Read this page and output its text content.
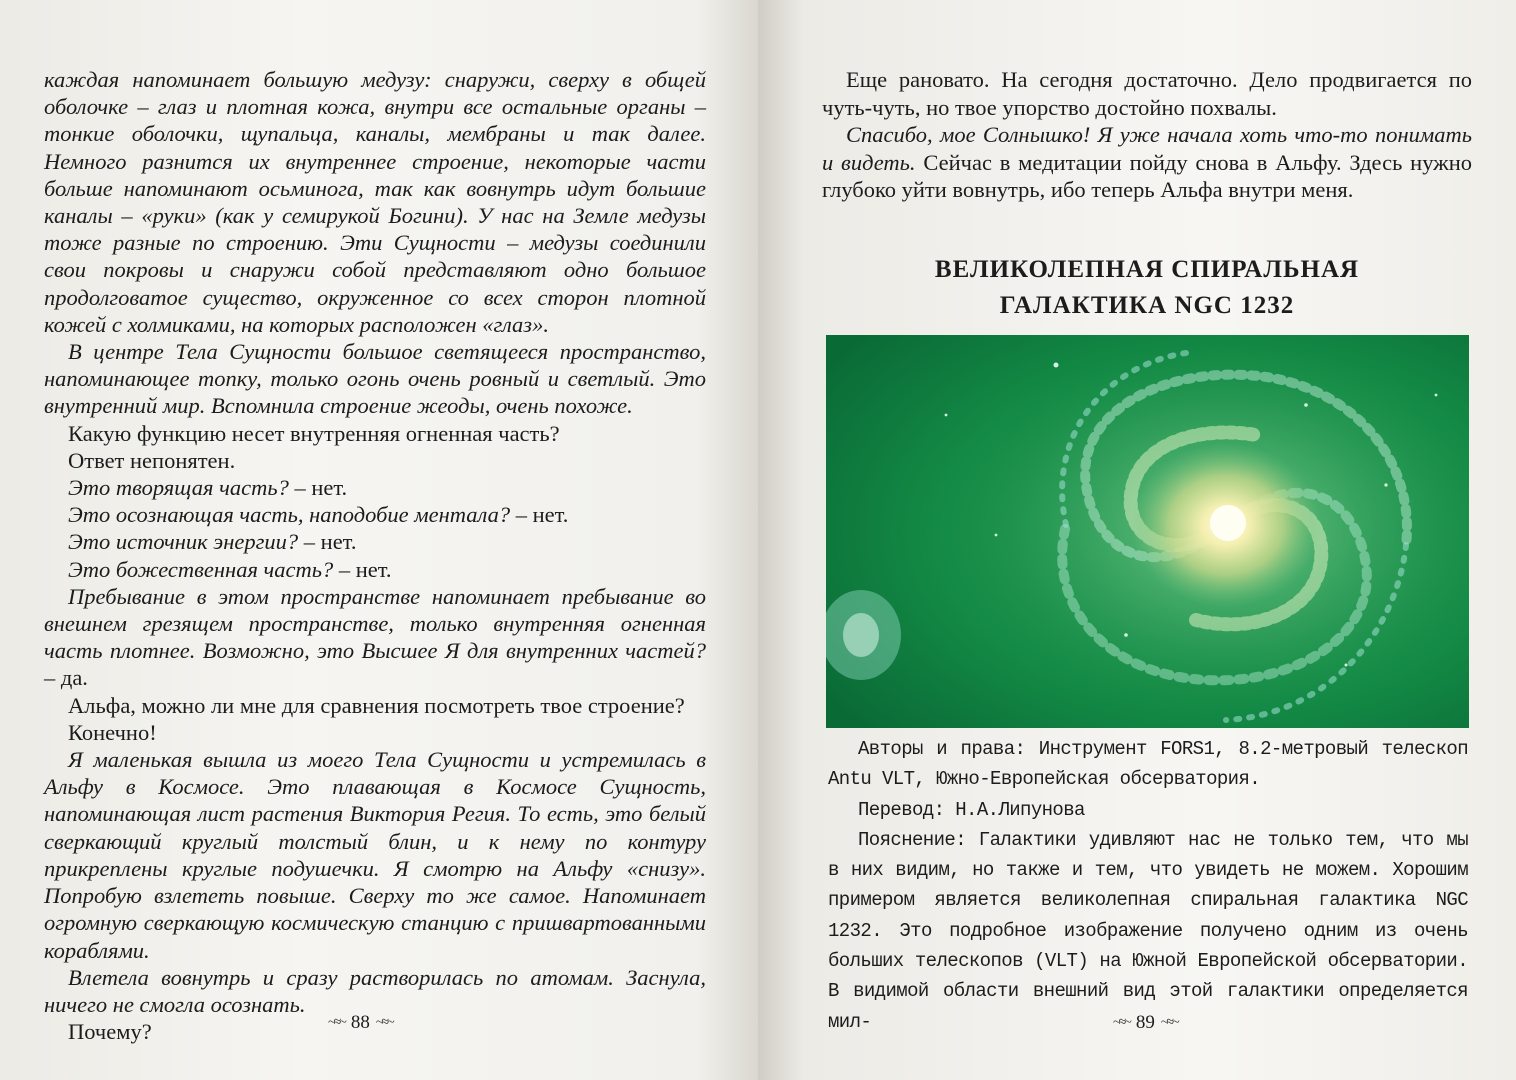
каждая напоминает большую медузу: снаружи, сверху в общей оболочке – глаз и плотная кожа, внутри все остальные органы – тонкие оболочки, щупальца, каналы, мембраны и так далее. Немного разнится их внутреннее строение, некоторые части больше напоминают осьминога, так как вовнутрь идут большие каналы – «руки» (как у семирукой Богини). У нас на Земле медузы тоже разные по строению. Эти Сущности – медузы соединили свои покровы и снаружи собой представляют одно большое продолговатое существо, окруженное со всех сторон плотной кожей с холмиками, на которых расположен «глаз».

В центре Тела Сущности большое светящееся пространство, напоминающее топку, только огонь очень ровный и светлый. Это внутренний мир. Вспомнила строение жеоды, очень похоже.

Какую функцию несет внутренняя огненная часть?

Ответ непонятен.

Это творящая часть? – нет.

Это осознающая часть, наподобие ментала? – нет.

Это источник энергии? – нет.

Это божественная часть? – нет.

Пребывание в этом пространстве напоминает пребывание во внешнем грезящем пространстве, только внутренняя огненная часть плотнее. Возможно, это Высшее Я для внутренних частей? – да.

Альфа, можно ли мне для сравнения посмотреть твое строение?

Конечно!

Я маленькая вышла из моего Тела Сущности и устремилась в Альфу в Космосе. Это плавающая в Космосе Сущность, напоминающая лист растения Виктория Регия. То есть, это белый сверкающий круглый толстый блин, и к нему по контуру прикреплены круглые подушечки. Я смотрю на Альфу «снизу». Попробую взлететь повыше. Сверху то же самое. Напоминает огромную сверкающую космическую станцию с пришвартованными кораблями.

Влетела вовнутрь и сразу растворилась по атомам. Заснула, ничего не смогла осознать.

Почему?	~≈~ 88 ~≈~

Еще рановато. На сегодня достаточно. Дело продвигается по чуть-чуть, но твое упорство достойно похвалы.

Спасибо, мое Солнышко! Я уже начала хоть что-то понимать и видеть. Сейчас в медитации пойду снова в Альфу. Здесь нужно глубоко уйти вовнутрь, ибо теперь Альфа внутри меня.

ВЕЛИКОЛЕПНАЯ СПИРАЛЬНАЯ
ГАЛАКТИКА NGC 1232

Авторы и права: Инструмент FORS1, 8.2-метровый телескоп Antu VLT, Южно-Европейская обсерватория.

Перевод: Н.А.Липунова

Пояснение: Галактики удивляют нас не только тем, что мы в них видим, но также и тем, что увидеть не можем. Хорошим примером является великолепная спиральная галактика NGC 1232. Это подробное изображение получено одним из очень больших телескопов (VLT) на Южной Европейской обсерватории. В видимой области внешний вид этой галактики определяется мил-	~≈~ 89 ~≈~
